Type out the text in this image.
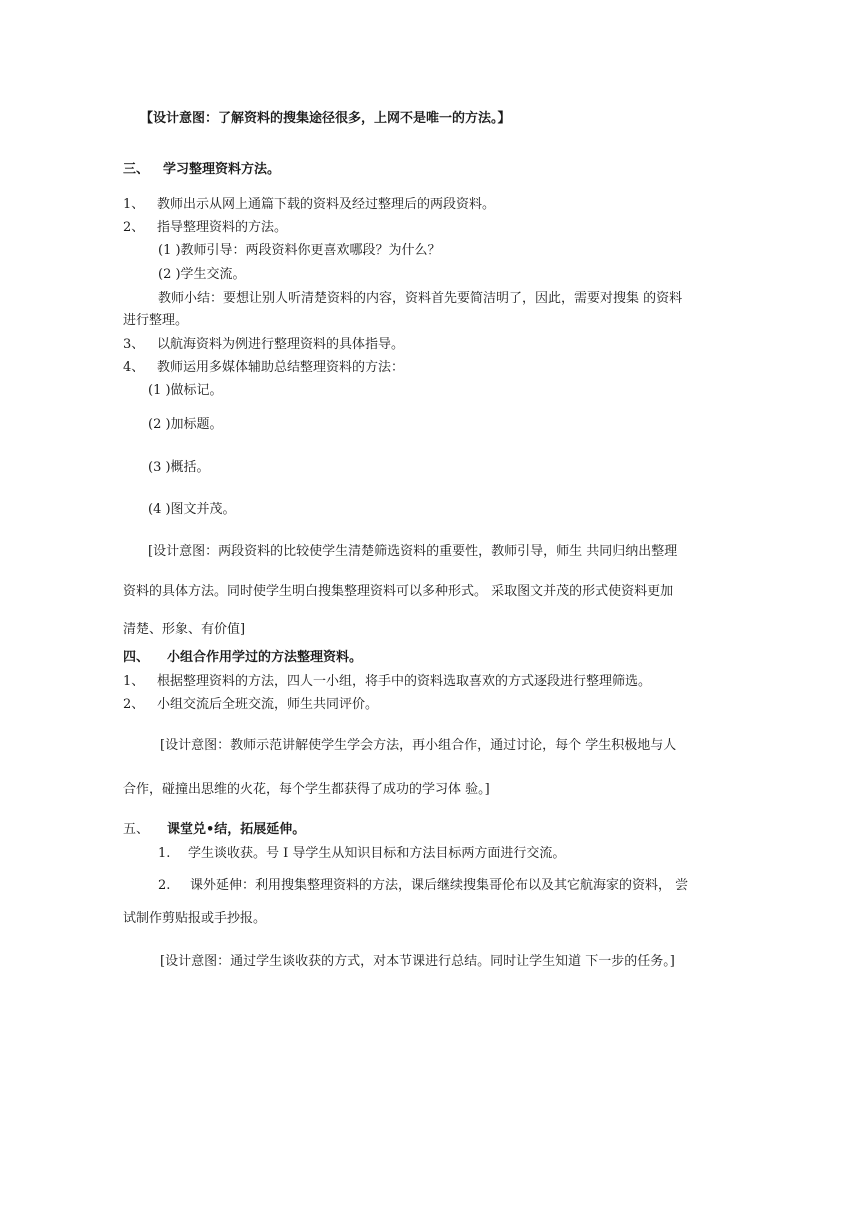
【设计意图：了解资料的搜集途径很多，上网不是唯一的方法。】
三、 学习整理资料方法。
1、 教师出示从网上通篇下载的资料及经过整理后的两段资料。
2、 指导整理资料的方法。
(1 )教师引导：两段资料你更喜欢哪段？为什么？
(2 )学生交流。
教师小结：要想让别人听清楚资料的内容，资料首先要简洁明了，因此，需要对搜集 的资料
进行整理。
3、 以航海资料为例进行整理资料的具体指导。
4、 教师运用多媒体辅助总结整理资料的方法：
(1 )做标记。
(2 )加标题。
(3 )概括。
(4 )图文并茂。
[设计意图：两段资料的比较使学生清楚筛选资料的重要性，教师引导，师生 共同归纳出整理
资料的具体方法。同时使学生明白搜集整理资料可以多种形式。 采取图文并茂的形式使资料更加
清楚、形象、有价值]
四、 小组合作用学过的方法整理资料。
1、 根据整理资料的方法，四人一小组，将手中的资料选取喜欢的方式逐段进行整理筛选。
2、 小组交流后全班交流，师生共同评价。
[设计意图：教师示范讲解使学生学会方法，再小组合作，通过讨论，每个 学生积极地与人
合作，碰撞出思维的火花，每个学生都获得了成功的学习体 验。]
五、 课堂兑•结，拓展延伸。
1. 学生谈收获。号 I 导学生从知识目标和方法目标两方面进行交流。
2. 课外延伸：利用搜集整理资料的方法，课后继续搜集哥伦布以及其它航海家的资料， 尝
试制作剪贴报或手抄报。
[设计意图：通过学生谈收获的方式，对本节课进行总结。同时让学生知道 下一步的任务。]
